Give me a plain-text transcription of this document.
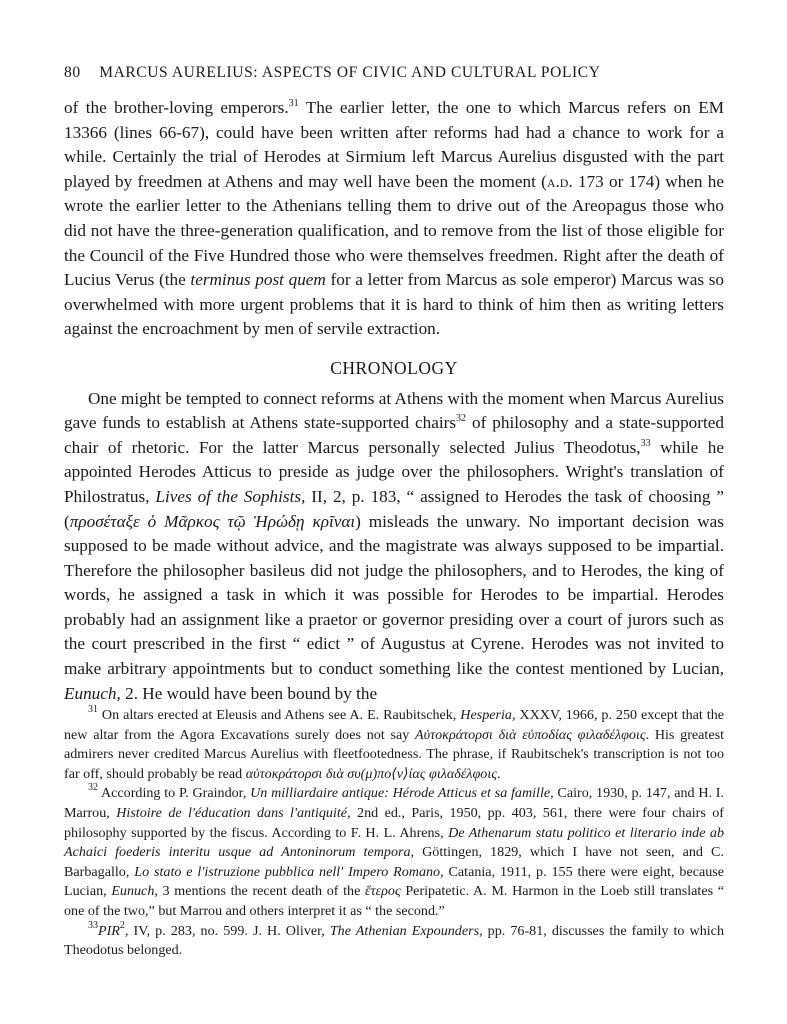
80 MARCUS AURELIUS: ASPECTS OF CIVIC AND CULTURAL POLICY

of the brother-loving emperors.$^{31}$ The earlier letter, the one to which Marcus refers on EM 13366 (lines 66-67), could have been written after reforms had had a chance to work for a while. Certainly the trial of Herodes at Sirmium left Marcus Aurelius disgusted with the part played by freedmen at Athens and may well have been the moment (a.d. 173 or 174) when he wrote the earlier letter to the Athenians telling them to drive out of the Areopagus those who did not have the three-generation qualification, and to remove from the list of those eligible for the Council of the Five Hundred those who were themselves freedmen. Right after the death of Lucius Verus (the terminus post quem for a letter from Marcus as sole emperor) Marcus was so overwhelmed with more urgent problems that it is hard to think of him then as writing letters against the encroachment by men of servile extraction.

CHRONOLOGY

One might be tempted to connect reforms at Athens with the moment when Marcus Aurelius gave funds to establish at Athens state-supported chairs$^{32}$ of philosophy and a state-supported chair of rhetoric. For the latter Marcus personally selected Julius Theodotus,$^{33}$ while he appointed Herodes Atticus to preside as judge over the philosophers. Wright's translation of Philostratus, Lives of the Sophists, II, 2, p. 183, “ assigned to Herodes the task of choosing ” (προσέταξε ὁ Μᾶρκος τῷ Ἡρώδῃ κρῖναι) misleads the unwary. No important decision was supposed to be made without advice, and the magistrate was always supposed to be impartial. Therefore the philosopher basileus did not judge the philosophers, and to Herodes, the king of words, he assigned a task in which it was possible for Herodes to be impartial. Herodes probably had an assignment like a praetor or governor presiding over a court of jurors such as the court prescribed in the first “ edict ” of Augustus at Cyrene. Herodes was not invited to make arbitrary appointments but to conduct something like the contest mentioned by Lucian, Eunuch, 2. He would have been bound by the

$^{31}$ On altars erected at Eleusis and Athens see A. E. Raubitschek, Hesperia, XXXV, 1966, p. 250 except that the new altar from the Agora Excavations surely does not say Αὐτοκράτορσι διὰ εὐποδίας φιλαδέλφοις. His greatest admirers never credited Marcus Aurelius with fleetfootedness. The phrase, if Raubitschek's transcription is not too far off, should probably be read αὐτοκράτορσι διὰ συ(μ)πο⟨ν⟩ίας φιλαδέλφοις.

$^{32}$ According to P. Graindor, Un milliardaire antique: Hérode Atticus et sa famille, Cairo, 1930, p. 147, and H. I. Marrou, Histoire de l'éducation dans l'antiquité, 2nd ed., Paris, 1950, pp. 403, 561, there were four chairs of philosophy supported by the fiscus. According to F. H. L. Ahrens, De Athenarum statu politico et literario inde ab Achaici foederis interitu usque ad Antoninorum tempora, Göttingen, 1829, which I have not seen, and C. Barbagallo, Lo stato e l'istruzione pubblica nell' Impero Romano, Catania, 1911, p. 155 there were eight, because Lucian, Eunuch, 3 mentions the recent death of the ἕτερος Peripatetic. A. M. Harmon in the Loeb still translates “ one of the two,” but Marrou and others interpret it as “ the second.”

$^{33}$PIR$^2$, IV, p. 283, no. 599. J. H. Oliver, The Athenian Expounders, pp. 76-81, discusses the family to which Theodotus belonged.
